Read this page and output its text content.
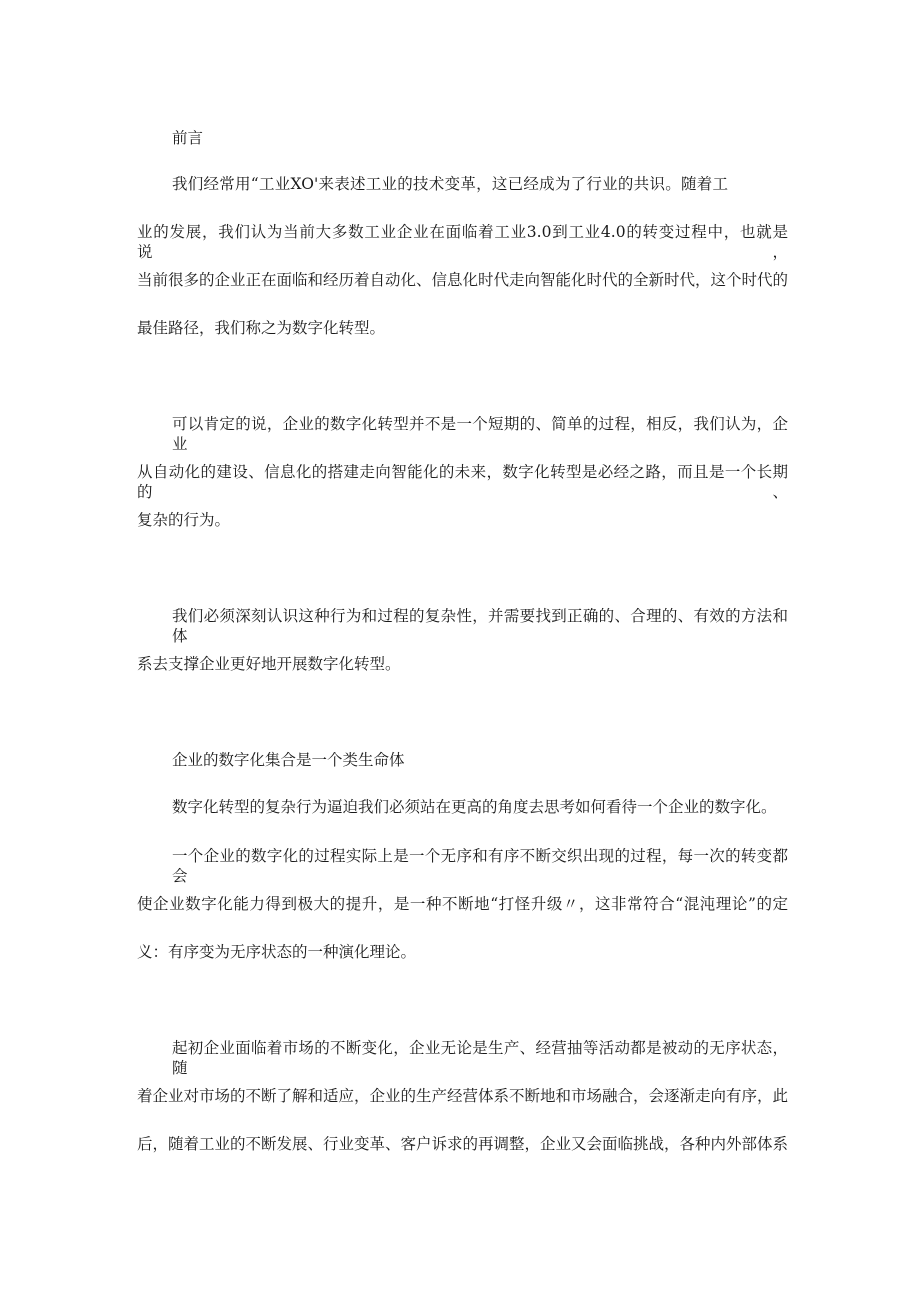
前言
我们经常用“工业XO'来表述工业的技术变革，这已经成为了行业的共识。随着工
业的发展，我们认为当前大多数工业企业在面临着工业3.0到工业4.0的转变过程中，也就是说，
当前很多的企业正在面临和经历着自动化、信息化时代走向智能化时代的全新时代，这个时代的
最佳路径，我们称之为数字化转型。
可以肯定的说，企业的数字化转型并不是一个短期的、简单的过程，相反，我们认为，企业
从自动化的建设、信息化的搭建走向智能化的未来，数字化转型是必经之路，而且是一个长期的、
复杂的行为。
我们必须深刻认识这种行为和过程的复杂性，并需要找到正确的、合理的、有效的方法和体
系去支撑企业更好地开展数字化转型。
企业的数字化集合是一个类生命体
数字化转型的复杂行为逼迫我们必须站在更高的角度去思考如何看待一个企业的数字化。
一个企业的数字化的过程实际上是一个无序和有序不断交织出现的过程，每一次的转变都会
使企业数字化能力得到极大的提升，是一种不断地“打怪升级〃，这非常符合“混沌理论”的定
义：有序变为无序状态的一种演化理论。
起初企业面临着市场的不断变化，企业无论是生产、经营抽等活动都是被动的无序状态，随
着企业对市场的不断了解和适应，企业的生产经营体系不断地和市场融合，会逐渐走向有序，此
后，随着工业的不断发展、行业变革、客户诉求的再调整，企业又会面临挑战，各种内外部体系
